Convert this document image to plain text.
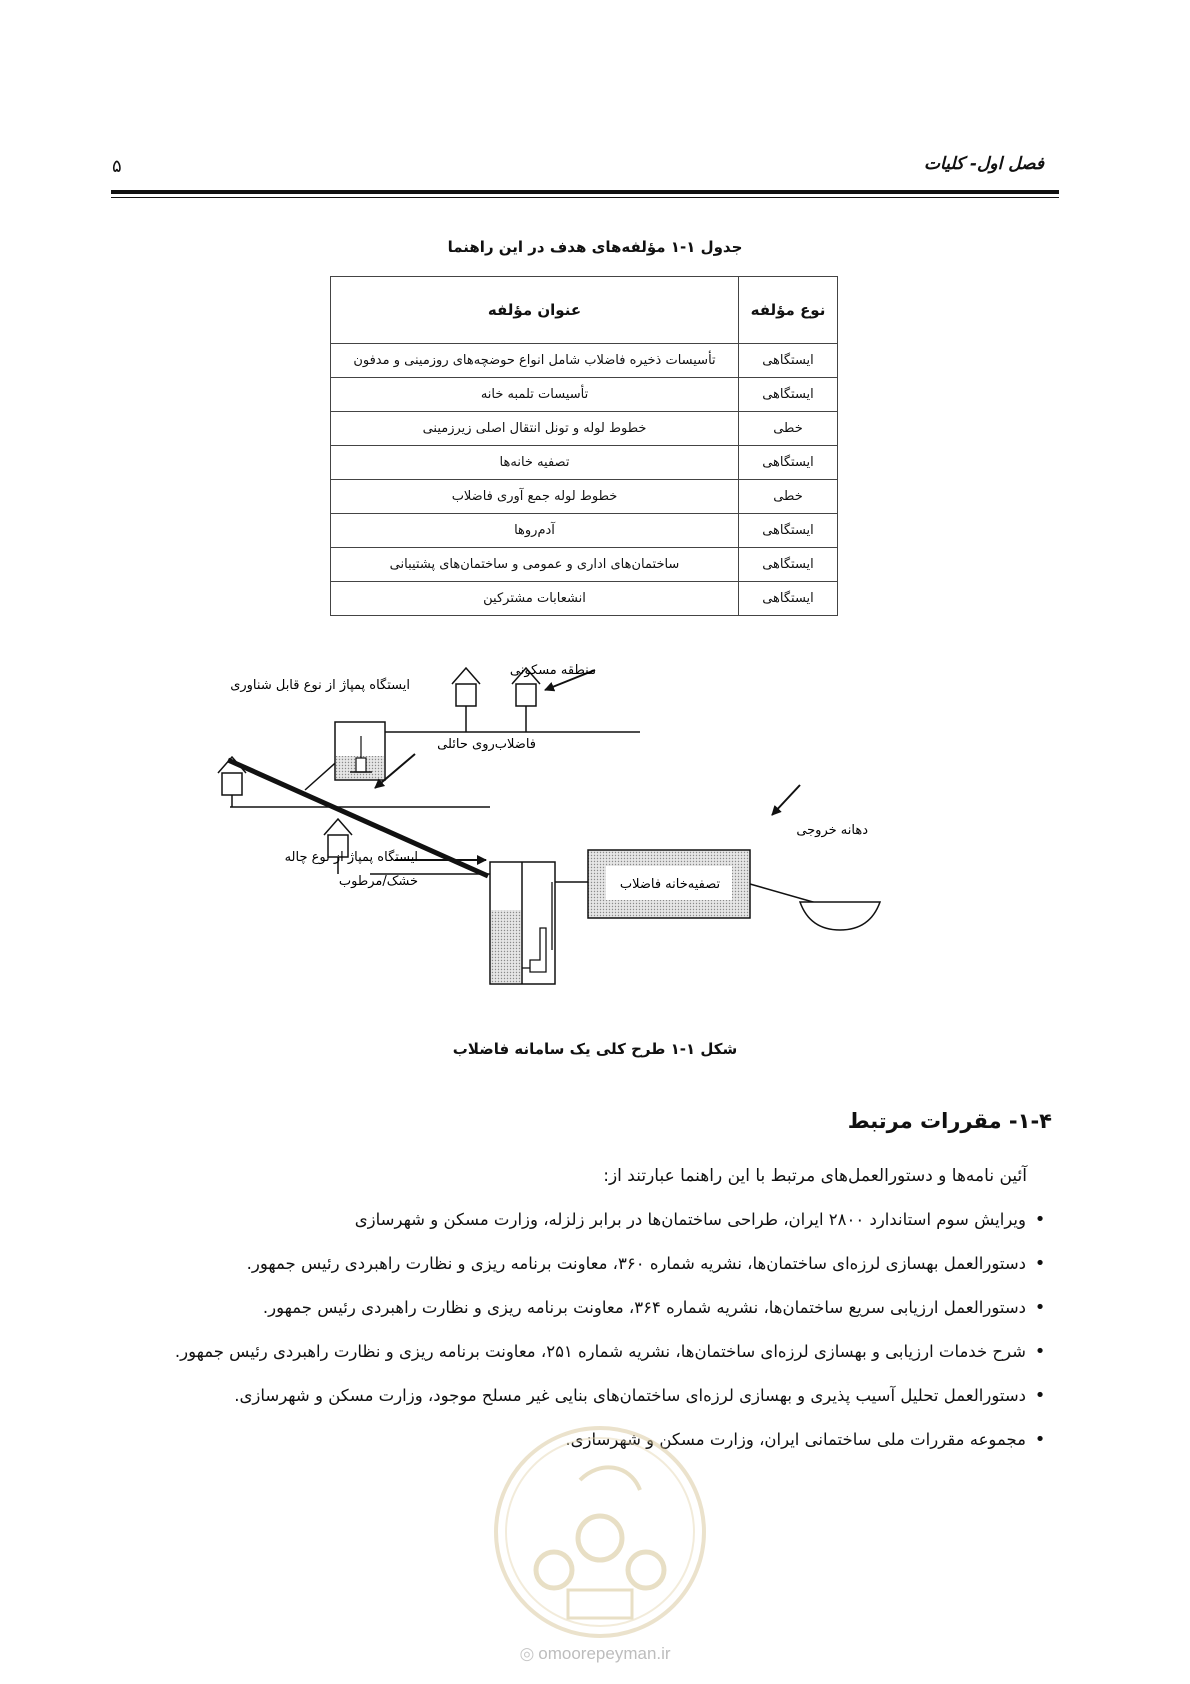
فصل اول- کلیات
۵
جدول ۱-۱ مؤلفه‌های هدف در این راهنما
نوع مؤلفه	عنوان مؤلفه
ایستگاهی	تأسیسات ذخیره فاضلاب شامل انواع حوضچه‌های روزمینی و مدفون
ایستگاهی	تأسیسات تلمبه خانه
خطی	خطوط لوله و تونل انتقال اصلی زیرزمینی
ایستگاهی	تصفیه خانه‌ها
خطی	خطوط لوله جمع آوری فاضلاب
ایستگاهی	آدم‌روها
ایستگاهی	ساختمان‌های اداری و عمومی و ساختمان‌های پشتیبانی
ایستگاهی	انشعابات مشترکین
منطقه مسکونی
ایستگاه پمپاژ از نوع قابل شناوری
فاضلاب‌روی حائلی
ایستگاه پمپاژ از نوع چاله
خشک/مرطوب	تصفیه‌خانه فاضلاب
دهانه خروجی
شکل ۱-۱ طرح کلی یک سامانه فاضلاب
۱-۴- مقررات مرتبط
آئین نامه‌ها و دستورالعمل‌های مرتبط با این راهنما عبارتند از:
•ویرایش سوم استاندارد ۲۸۰۰ ایران، طراحی ساختمان‌ها در برابر زلزله، وزارت مسکن و شهرسازی
•دستورالعمل بهسازی لرزه‌ای ساختمان‌ها، نشریه شماره ۳۶۰، معاونت برنامه ریزی و نظارت راهبردی رئیس جمهور.
•دستورالعمل ارزیابی سریع ساختمان‌ها، نشریه شماره ۳۶۴، معاونت برنامه ریزی و نظارت راهبردی رئیس جمهور.
•شرح خدمات ارزیابی و بهسازی لرزه‌ای ساختمان‌ها، نشریه شماره ۲۵۱، معاونت برنامه ریزی و نظارت راهبردی رئیس جمهور.
•دستورالعمل تحلیل آسیب پذیری و بهسازی لرزه‌ای ساختمان‌های بنایی غیر مسلح موجود، وزارت مسکن و شهرسازی.
•مجموعه مقررات ملی ساختمانی ایران، وزارت مسکن و شهرسازی.
◎ omoorepeyman.ir
